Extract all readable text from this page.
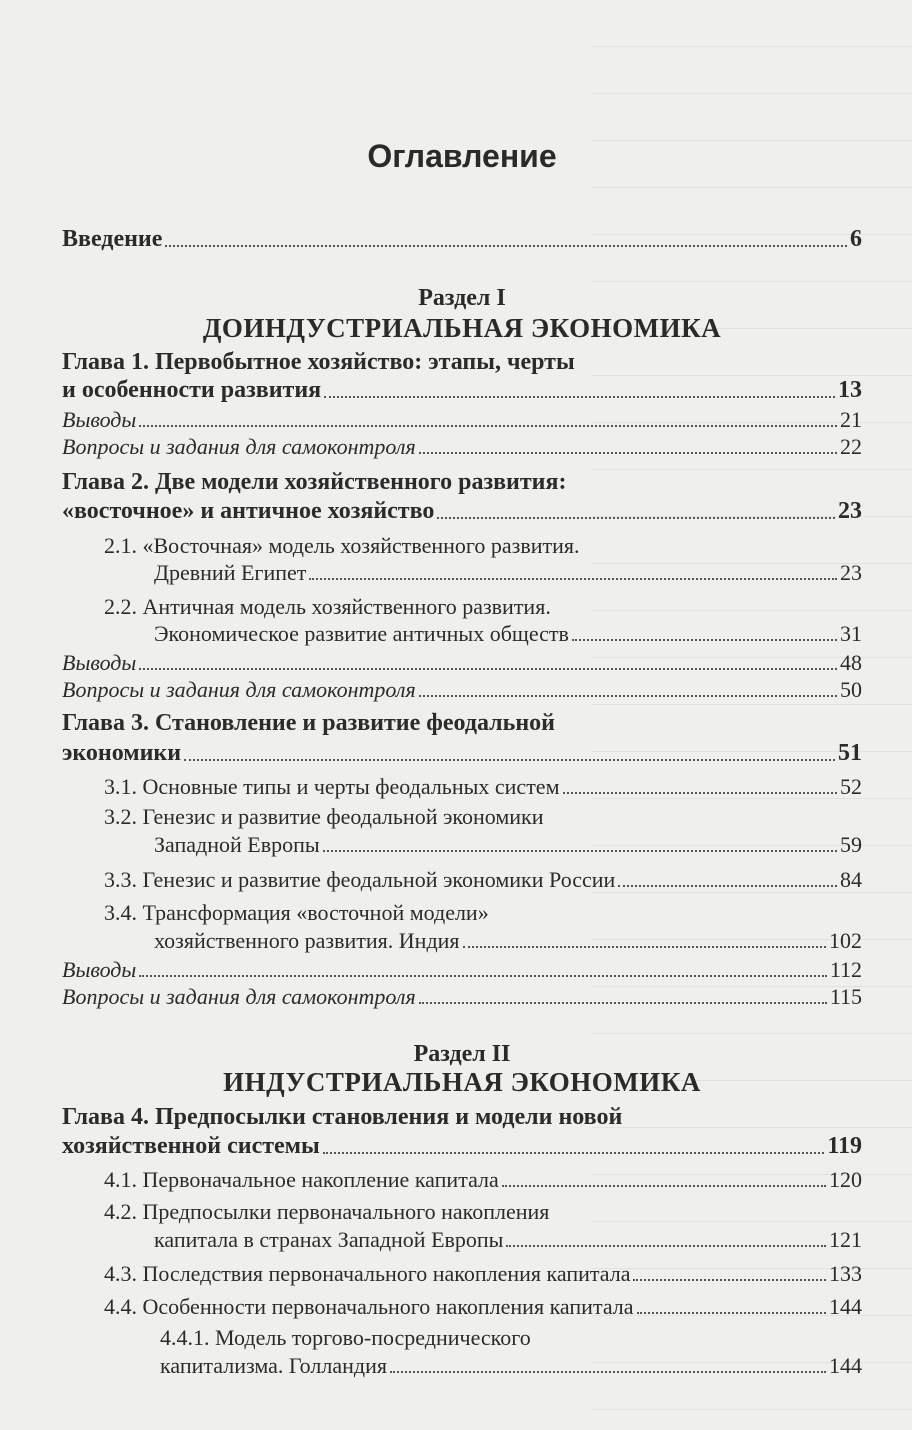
Оглавление
Введение	6
Раздел I
ДОИНДУСТРИАЛЬНАЯ ЭКОНОМИКА
Глава 1. Первобытное хозяйство: этапы, черты
и особенности развития	13
Выводы	21
Вопросы и задания для самоконтроля	22
Глава 2. Две модели хозяйственного развития:
«восточное» и античное хозяйство	23
2.1. «Восточная» модель хозяйственного развития.
Древний Египет	23
2.2. Античная модель хозяйственного развития.
Экономическое развитие античных обществ	31
Выводы	48
Вопросы и задания для самоконтроля	50
Глава 3. Становление и развитие феодальной
экономики	51
3.1. Основные типы и черты феодальных систем	52
3.2. Генезис и развитие феодальной экономики
Западной Европы	59
3.3. Генезис и развитие феодальной экономики России	84
3.4. Трансформация «восточной модели»
хозяйственного развития. Индия	102
Выводы	112
Вопросы и задания для самоконтроля	115
Раздел II
ИНДУСТРИАЛЬНАЯ ЭКОНОМИКА
Глава 4. Предпосылки становления и модели новой
хозяйственной системы	119
4.1. Первоначальное накопление капитала	120
4.2. Предпосылки первоначального накопления
капитала в странах Западной Европы	121
4.3. Последствия первоначального накопления капитала	133
4.4. Особенности первоначального накопления капитала	144
4.4.1. Модель торгово-посреднического
капитализма. Голландия	144
